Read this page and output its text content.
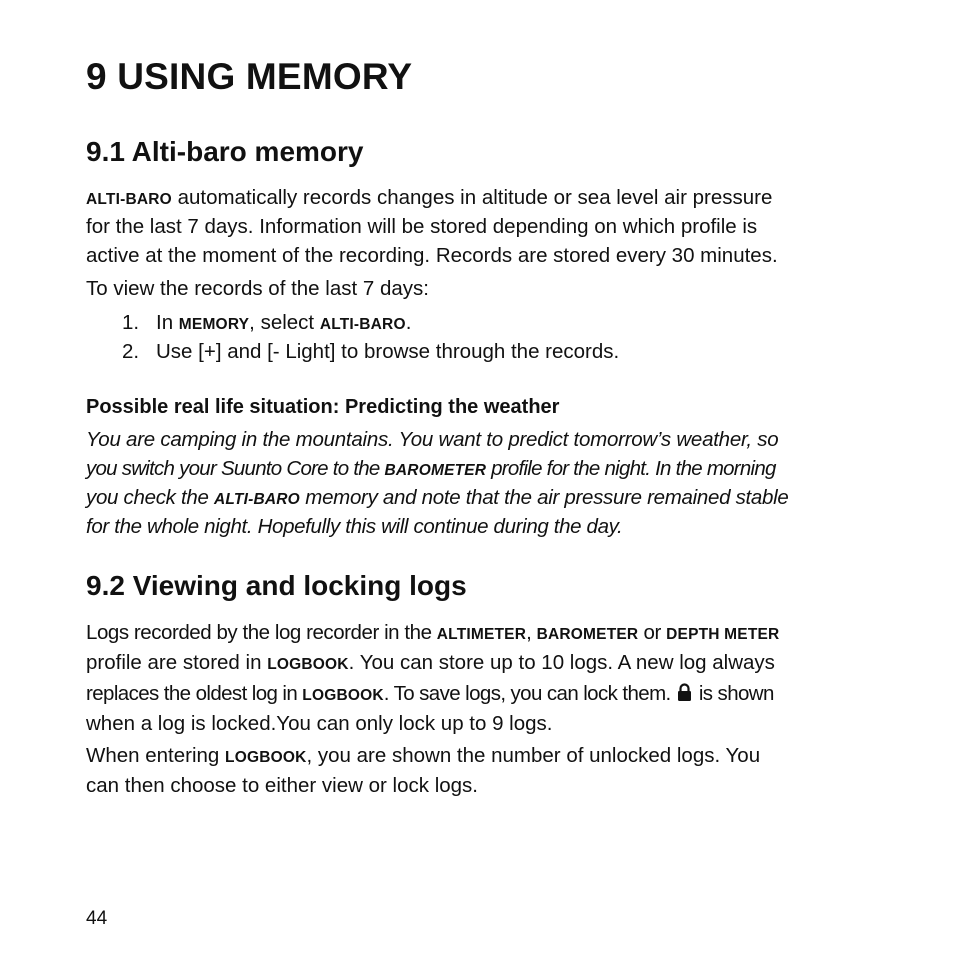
9 USING MEMORY
9.1 Alti-baro memory
ALTI-BARO automatically records changes in altitude or sea level air pressure
for the last 7 days. Information will be stored depending on which profile is
active at the moment of the recording. Records are stored every 30 minutes.
To view the records of the last 7 days:
1. In MEMORY, select ALTI-BARO.
2. Use [+] and [- Light] to browse through the records.
Possible real life situation: Predicting the weather
You are camping in the mountains. You want to predict tomorrow’s weather, so
you switch your Suunto Core to the BAROMETER profile for the night. In the morning
you check the ALTI-BARO memory and note that the air pressure remained stable
for the whole night. Hopefully this will continue during the day.
9.2 Viewing and locking logs
Logs recorded by the log recorder in the ALTIMETER, BAROMETER or DEPTH METER
profile are stored in LOGBOOK. You can store up to 10 logs. A new log always
replaces the oldest log in LOGBOOK. To save logs, you can lock them.
is shown
when a log is locked.You can only lock up to 9 logs.
When entering LOGBOOK, you are shown the number of unlocked logs. You
can then choose to either view or lock logs.
44
